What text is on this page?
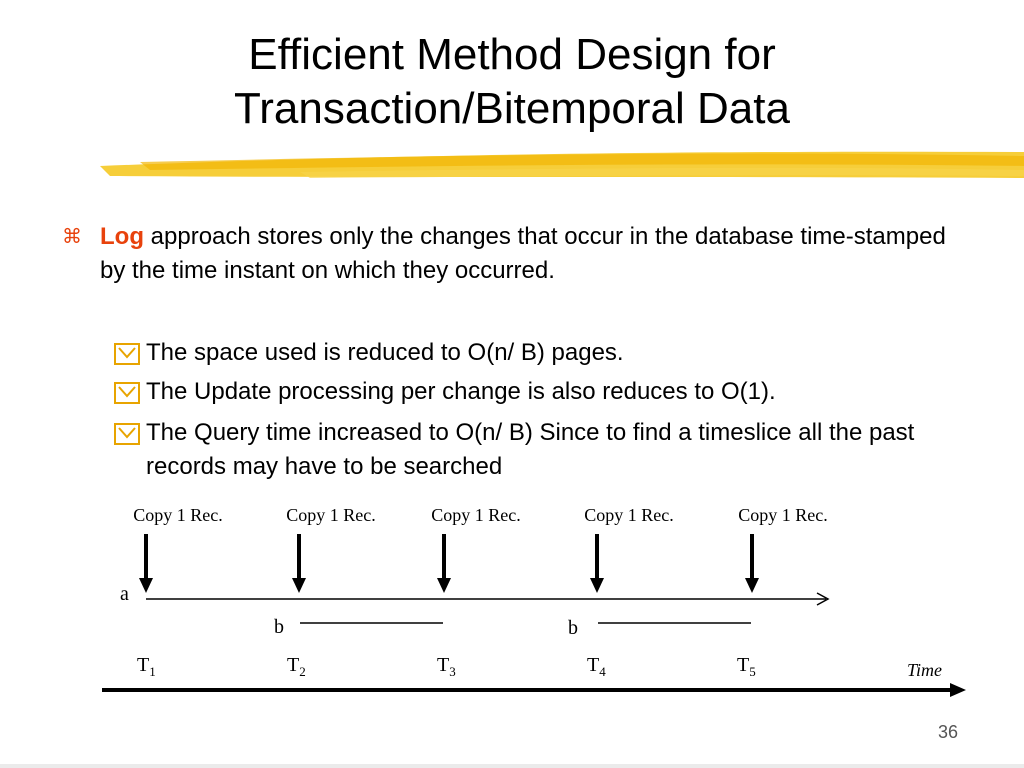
Efficient Method Design for
Transaction/Bitemporal Data
⌘ Log approach stores only the changes that occur in the database time-stamped by the time instant on which they occurred.
The space used is reduced to O(n/ B) pages.
The Update processing per change is also reduces to O(1).
The Query time increased to O(n/ B) Since to find a timeslice all the past records may have to be searched
Copy 1 Rec.	Copy 1 Rec.	Copy 1 Rec.	Copy 1 Rec.	Copy 1 Rec.
a
b	b
$T_1$	$T_2$	$T_3$	$T_4$	$T_5$	Time
36
